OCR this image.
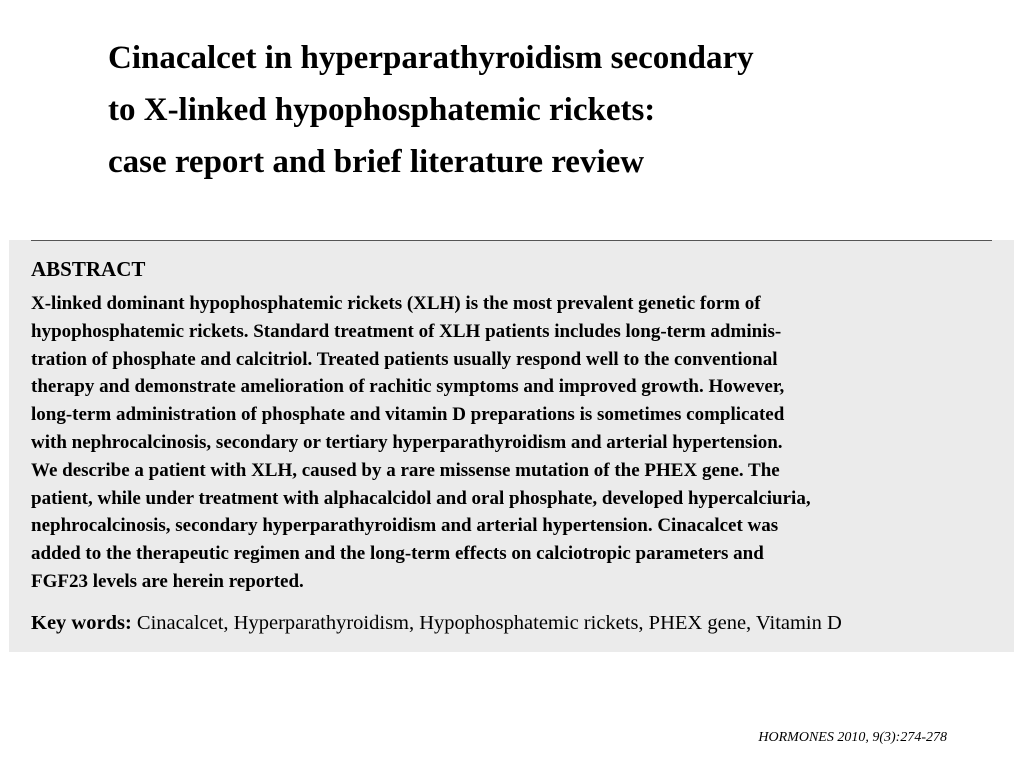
Cinacalcet in hyperparathyroidism secondary
to X-linked hypophosphatemic rickets:
case report and brief literature review
ABSTRACT

X-linked dominant hypophosphatemic rickets (XLH) is the most prevalent genetic form of
hypophosphatemic rickets. Standard treatment of XLH patients includes long-term adminis-
tration of phosphate and calcitriol. Treated patients usually respond well to the conventional
therapy and demonstrate amelioration of rachitic symptoms and improved growth. However,
long-term administration of phosphate and vitamin D preparations is sometimes complicated
with nephrocalcinosis, secondary or tertiary hyperparathyroidism and arterial hypertension.
We describe a patient with XLH, caused by a rare missense mutation of the PHEX gene. The
patient, while under treatment with alphacalcidol and oral phosphate, developed hypercalciuria,
nephrocalcinosis, secondary hyperparathyroidism and arterial hypertension. Cinacalcet was
added to the therapeutic regimen and the long-term effects on calciotropic parameters and
FGF23 levels are herein reported.

Key words: Cinacalcet, Hyperparathyroidism, Hypophosphatemic rickets, PHEX gene, Vitamin D

HORMONES 2010, 9(3):274-278
